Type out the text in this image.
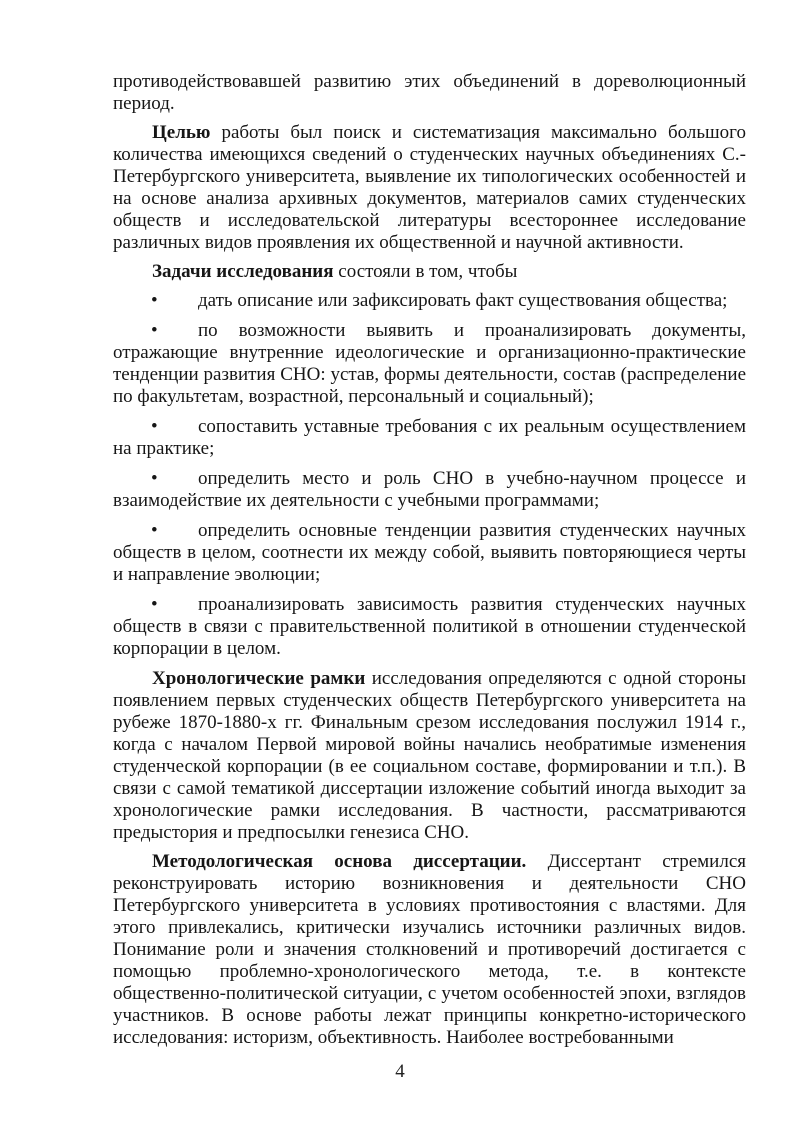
противодействовавшей развитию этих объединений в дореволюционный период.

Целью работы был поиск и систематизация максимально большого количества имеющихся сведений о студенческих научных объединениях С.-Петербургского университета, выявление их типологических особенностей и на основе анализа архивных документов, материалов самих студенческих обществ и исследовательской литературы всестороннее исследование различных видов проявления их общественной и научной активности.

Задачи исследования состояли в том, чтобы

• дать описание или зафиксировать факт существования общества;
• по возможности выявить и проанализировать документы, отражающие внутренние идеологические и организационно-практические тенденции развития СНО: устав, формы деятельности, состав (распределение по факультетам, возрастной, персональный и социальный);
• сопоставить уставные требования с их реальным осуществлением на практике;
• определить место и роль СНО в учебно-научном процессе и взаимодействие их деятельности с учебными программами;
• определить основные тенденции развития студенческих научных обществ в целом, соотнести их между собой, выявить повторяющиеся черты и направление эволюции;
• проанализировать зависимость развития студенческих научных обществ в связи с правительственной политикой в отношении студенческой корпорации в целом.

Хронологические рамки исследования определяются с одной стороны появлением первых студенческих обществ Петербургского университета на рубеже 1870-1880-х гг. Финальным срезом исследования послужил 1914 г., когда с началом Первой мировой войны начались необратимые изменения студенческой корпорации (в ее социальном составе, формировании и т.п.). В связи с самой тематикой диссертации изложение событий иногда выходит за хронологические рамки исследования. В частности, рассматриваются предыстория и предпосылки генезиса СНО.

Методологическая основа диссертации. Диссертант стремился реконструировать историю возникновения и деятельности СНО Петербургского университета в условиях противостояния с властями. Для этого привлекались, критически изучались источники различных видов. Понимание роли и значения столкновений и противоречий достигается с помощью проблемно-хронологического метода, т.е. в контексте общественно-политической ситуации, с учетом особенностей эпохи, взглядов участников. В основе работы лежат принципы конкретно-исторического исследования: историзм, объективность. Наиболее востребованными

4
